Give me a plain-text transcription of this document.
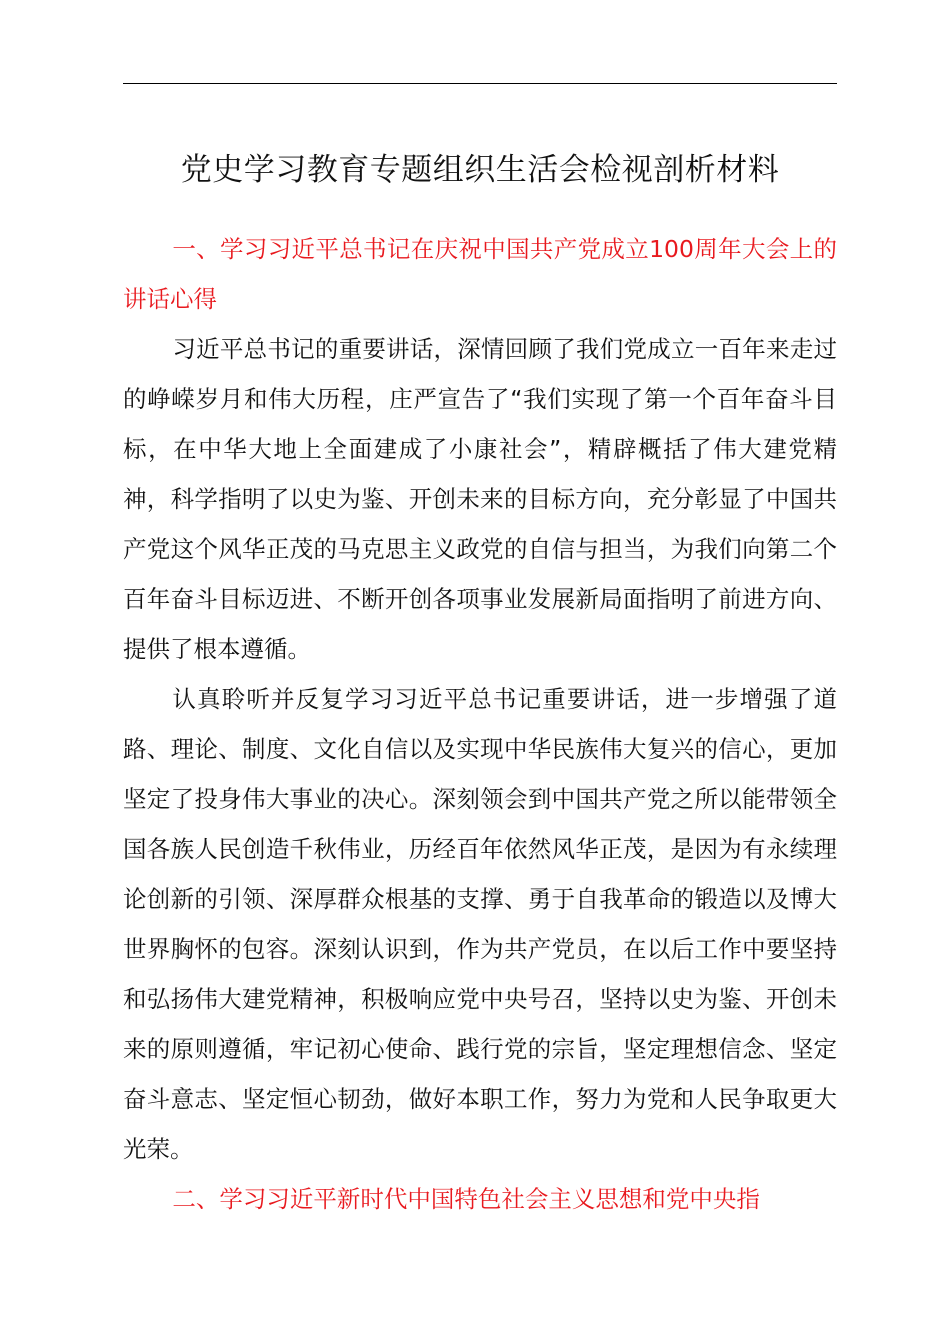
党史学习教育专题组织生活会检视剖析材料

一、学习习近平总书记在庆祝中国共产党成立100周年大会上的讲话心得

习近平总书记的重要讲话，深情回顾了我们党成立一百年来走过的峥嵘岁月和伟大历程，庄严宣告了“我们实现了第一个百年奋斗目标，在中华大地上全面建成了小康社会”，精辟概括了伟大建党精神，科学指明了以史为鉴、开创未来的目标方向，充分彰显了中国共产党这个风华正茂的马克思主义政党的自信与担当，为我们向第二个百年奋斗目标迈进、不断开创各项事业发展新局面指明了前进方向、提供了根本遵循。

认真聆听并反复学习习近平总书记重要讲话，进一步增强了道路、理论、制度、文化自信以及实现中华民族伟大复兴的信心，更加坚定了投身伟大事业的决心。深刻领会到中国共产党之所以能带领全国各族人民创造千秋伟业，历经百年依然风华正茂，是因为有永续理论创新的引领、深厚群众根基的支撑、勇于自我革命的锻造以及博大世界胸怀的包容。深刻认识到，作为共产党员，在以后工作中要坚持和弘扬伟大建党精神，积极响应党中央号召，坚持以史为鉴、开创未来的原则遵循，牢记初心使命、践行党的宗旨，坚定理想信念、坚定奋斗意志、坚定恒心韧劲，做好本职工作，努力为党和人民争取更大光荣。

二、学习习近平新时代中国特色社会主义思想和党中央指
